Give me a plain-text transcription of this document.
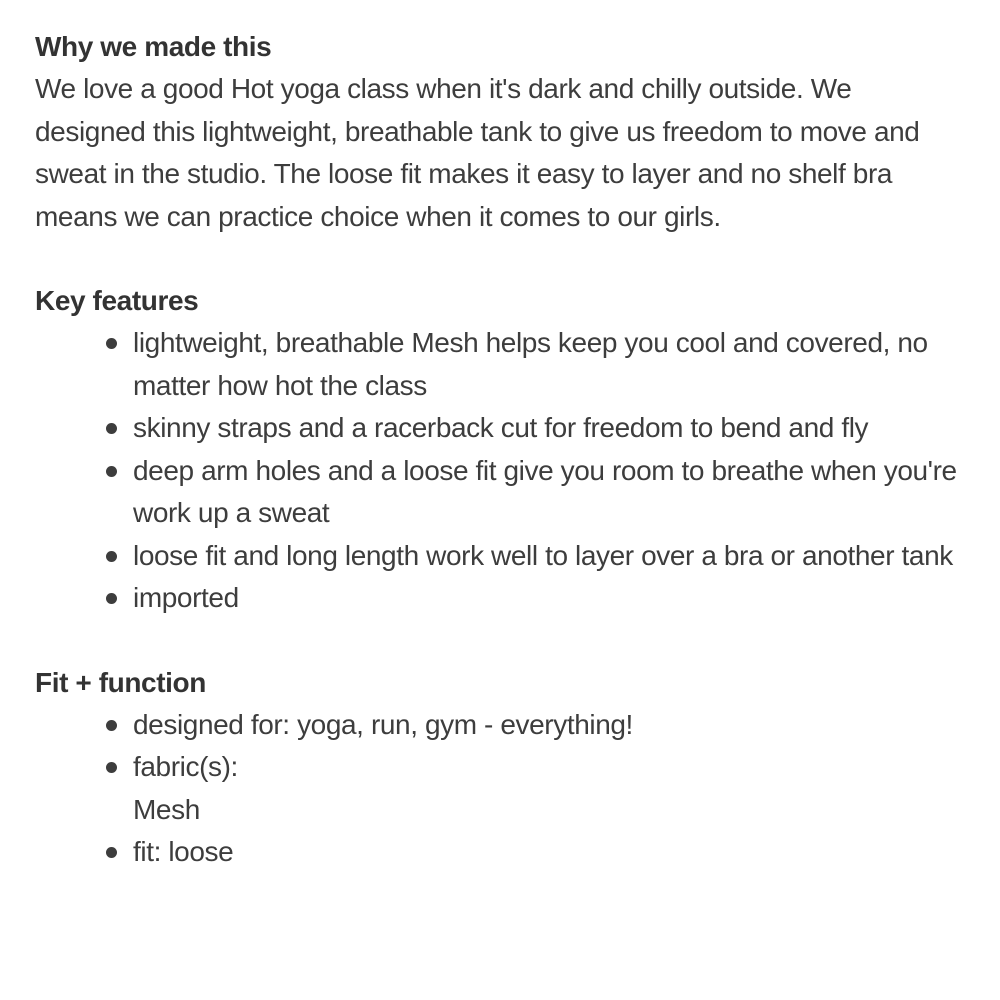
Why we made this

We love a good Hot yoga class when it's dark and chilly outside. We designed this lightweight, breathable tank to give us freedom to move and sweat in the studio. The loose fit makes it easy to layer and no shelf bra means we can practice choice when it comes to our girls.

Key features

lightweight, breathable Mesh helps keep you cool and covered, no matter how hot the class
skinny straps and a racerback cut for freedom to bend and fly
deep arm holes and a loose fit give you room to breathe when you're work up a sweat
loose fit and long length work well to layer over a bra or another tank
imported

Fit + function

designed for: yoga, run, gym - everything!
fabric(s):
Mesh
fit: loose
